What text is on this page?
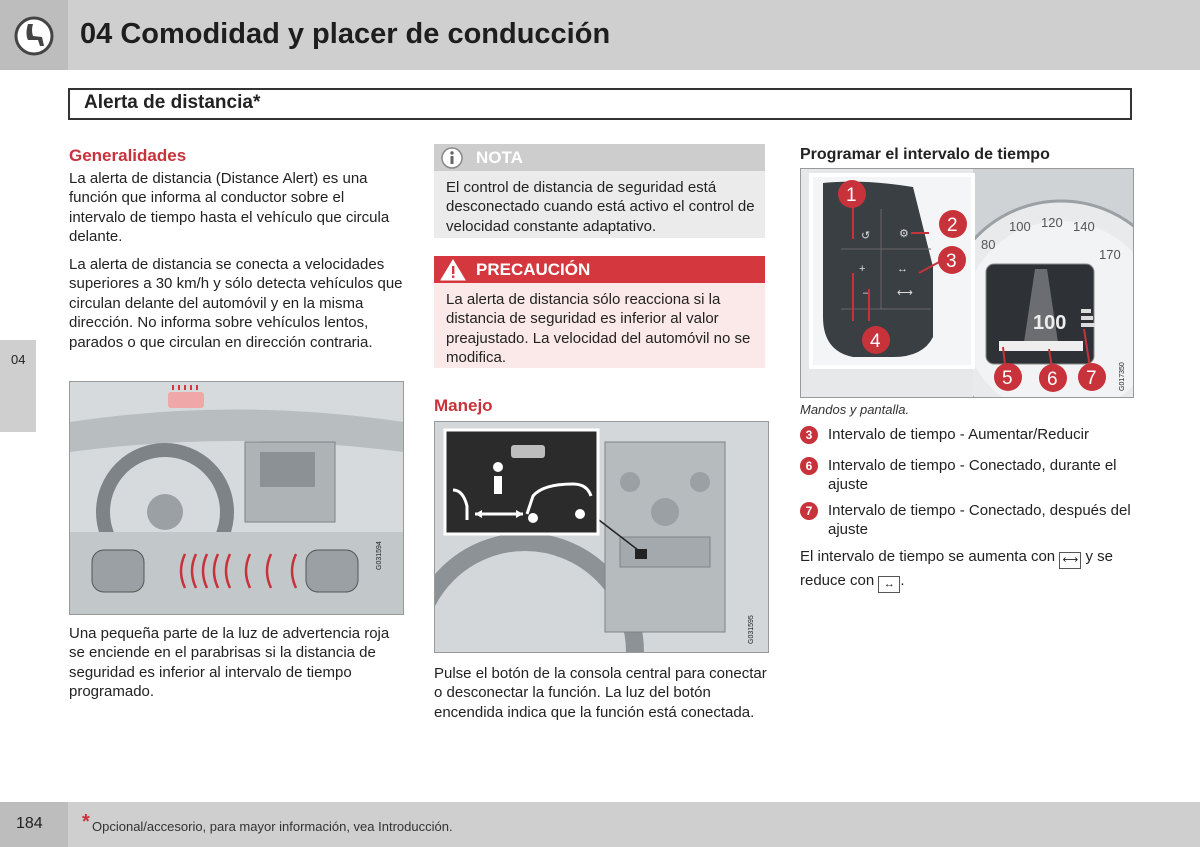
04 Comodidad y placer de conducción
Alerta de distancia*
04
Generalidades
La alerta de distancia (Distance Alert) es una función que informa al conductor sobre el intervalo de tiempo hasta el vehículo que circula delante.
La alerta de distancia se conecta a velocidades superiores a 30 km/h y sólo detecta vehículos que circulan delante del automóvil y en la misma dirección. No informa sobre vehículos lentos, parados o que circulan en dirección contraria.
G031594
Una pequeña parte de la luz de advertencia roja se enciende en el parabrisas si la distancia de seguridad es inferior al intervalo de tiempo programado.
NOTA
El control de distancia de seguridad está desconectado cuando está activo el control de velocidad constante adaptativo.
PRECAUCIÓN
La alerta de distancia sólo reacciona si la distancia de seguridad es inferior al valor preajustado. La velocidad del automóvil no se modifica.
Manejo
G031595
Pulse el botón de la consola central para conectar o desconectar la función. La luz del botón encendida indica que la función está conectada.
Programar el intervalo de tiempo
80
100 120 140
170
100
+
–
↔
⟷
↺	⚙
1
2
3
4
5 6 7	G017350
Mandos y pantalla.
3	Intervalo de tiempo - Aumentar/Reducir
6	Intervalo de tiempo - Conectado, durante el ajuste
7	Intervalo de tiempo - Conectado, después del ajuste
El intervalo de tiempo se aumenta con ⟷ y se
reduce con ↔ .
184 * Opcional/accesorio, para mayor información, vea Introducción.
